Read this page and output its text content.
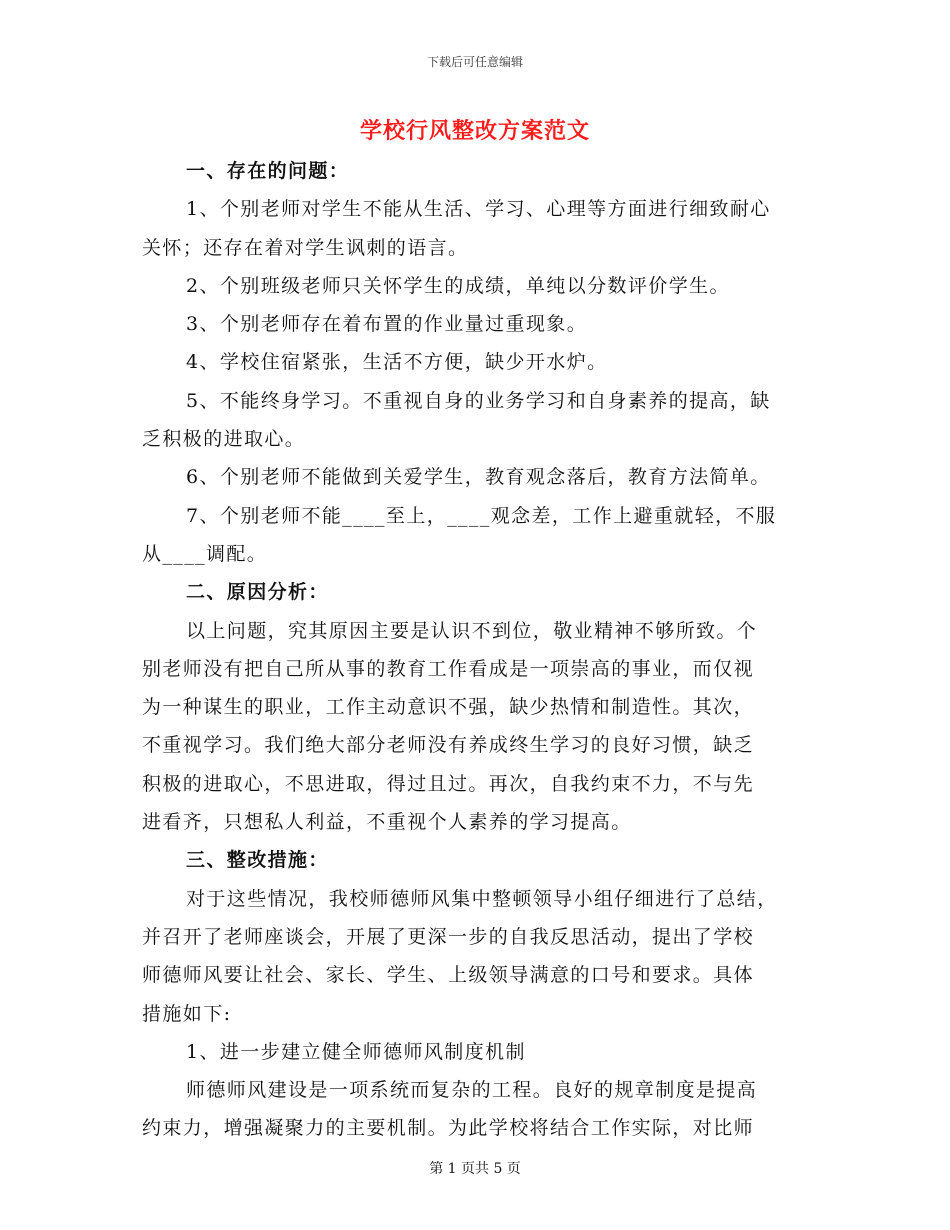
下载后可任意编辑
学校行风整改方案范文
一、存在的问题：
1、个别老师对学生不能从生活、学习、心理等方面进行细致耐心
关怀；还存在着对学生讽刺的语言。
2、个别班级老师只关怀学生的成绩，单纯以分数评价学生。
3、个别老师存在着布置的作业量过重现象。
4、学校住宿紧张，生活不方便，缺少开水炉。
5、不能终身学习。不重视自身的业务学习和自身素养的提高，缺
乏积极的进取心。
6、个别老师不能做到关爱学生，教育观念落后，教育方法简单。
7、个别老师不能____至上，____观念差，工作上避重就轻，不服
从____调配。
二、原因分析：
以上问题，究其原因主要是认识不到位，敬业精神不够所致。个
别老师没有把自己所从事的教育工作看成是一项崇高的事业，而仅视
为一种谋生的职业，工作主动意识不强，缺少热情和制造性。其次，
不重视学习。我们绝大部分老师没有养成终生学习的良好习惯，缺乏
积极的进取心，不思进取，得过且过。再次，自我约束不力，不与先
进看齐，只想私人利益，不重视个人素养的学习提高。
三、整改措施：
对于这些情况，我校师德师风集中整顿领导小组仔细进行了总结，
并召开了老师座谈会，开展了更深一步的自我反思活动，提出了学校
师德师风要让社会、家长、学生、上级领导满意的口号和要求。具体
措施如下:
1、进一步建立健全师德师风制度机制
师德师风建设是一项系统而复杂的工程。良好的规章制度是提高
约束力，增强凝聚力的主要机制。为此学校将结合工作实际，对比师
第 1 页共 5 页
